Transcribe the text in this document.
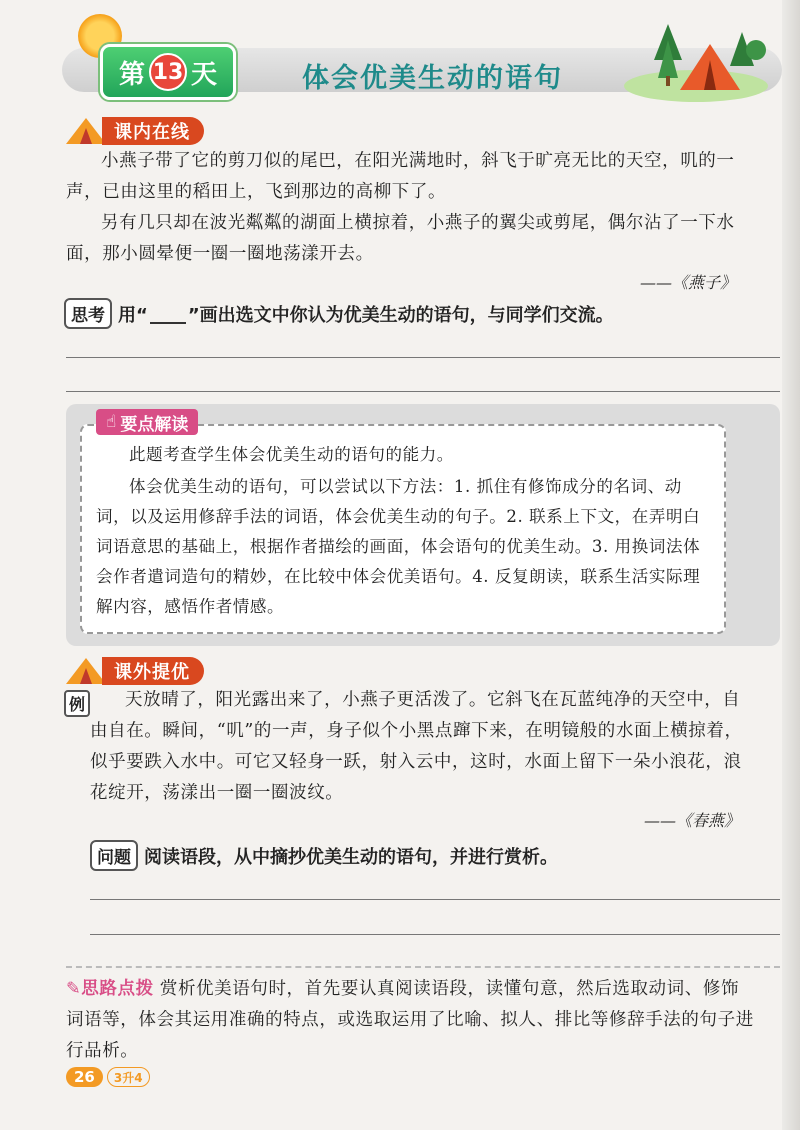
第 13 天	体会优美生动的语句
课内在线
小燕子带了它的剪刀似的尾巴，在阳光满地时，斜飞于旷亮无比的天空，叽的一声，已由这里的稻田上，飞到那边的高柳下了。
另有几只却在波光粼粼的湖面上横掠着，小燕子的翼尖或剪尾，偶尔沾了一下水面，那小圆晕便一圈一圈地荡漾开去。
——《燕子》
思考 用“ ”画出选文中你认为优美生动的语句，与同学们交流。
☝ 要点解读
此题考查学生体会优美生动的语句的能力。
体会优美生动的语句，可以尝试以下方法：1. 抓住有修饰成分的名词、动词，以及运用修辞手法的词语，体会优美生动的句子。2. 联系上下文，在弄明白词语意思的基础上，根据作者描绘的画面，体会语句的优美生动。3. 用换词法体会作者遣词造句的精妙，在比较中体会优美语句。4. 反复朗读，联系生活实际理解内容，感悟作者情感。
课外提优
例	天放晴了，阳光露出来了，小燕子更活泼了。它斜飞在瓦蓝纯净的天空中，自由自在。瞬间，“叽”的一声，身子似个小黑点蹿下来，在明镜般的水面上横掠着，似乎要跌入水中。可它又轻身一跃，射入云中，这时，水面上留下一朵小浪花，浪花绽开，荡漾出一圈一圈波纹。
——《春燕》
问题 阅读语段，从中摘抄优美生动的语句，并进行赏析。
✎思路点拨 赏析优美语句时，首先要认真阅读语段，读懂句意，然后选取动词、修饰词语等，体会其运用准确的特点，或选取运用了比喻、拟人、排比等修辞手法的句子进行品析。
26	3升4
